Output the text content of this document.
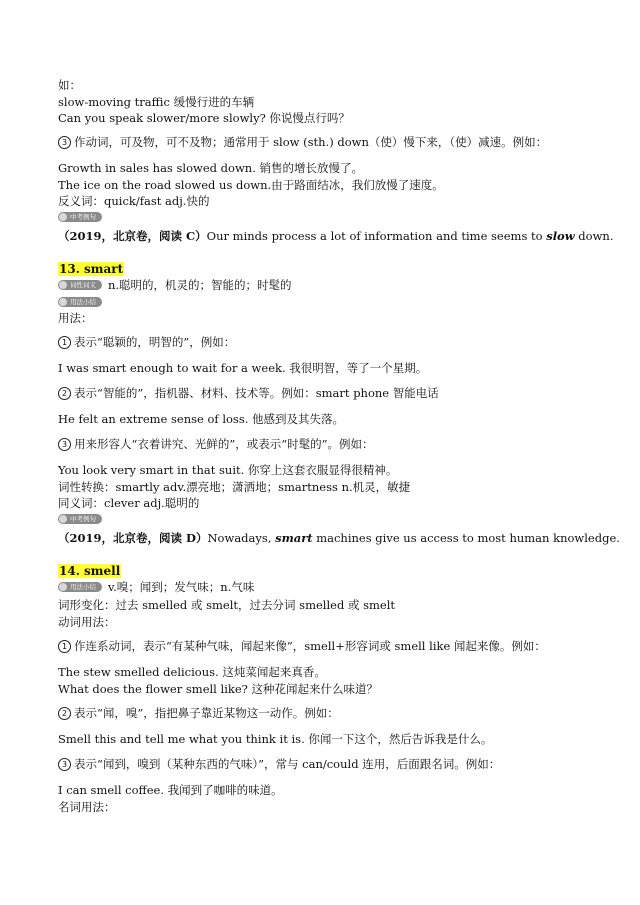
如：
slow-moving traffic 缓慢行进的车辆
Can you speak slower/more slowly? 你说慢点行吗？
3 作动词，可及物，可不及物；通常用于 slow (sth.) down（使）慢下来，（使）减速。例如：
Growth in sales has slowed down. 销售的增长放慢了。
The ice on the road slowed us down.由于路面结冰，我们放慢了速度。
反义词：quick/fast adj.快的
中考例句
（2019，北京卷，阅读 C）Our minds process a lot of information and time seems to slow down.
13. smart
词性词义 n.聪明的，机灵的；智能的；时髦的
用法小结
用法：
1 表示“聪颖的，明智的”，例如：
I was smart enough to wait for a week. 我很明智，等了一个星期。
2 表示“智能的”，指机器、材料、技术等。例如：smart phone 智能电话
He felt an extreme sense of loss. 他感到及其失落。
3 用来形容人“衣着讲究、光鲜的”，或表示“时髦的”。例如：
You look very smart in that suit. 你穿上这套衣服显得很精神。
词性转换：smartly adv.漂亮地；潇洒地；smartness n.机灵，敏捷
同义词：clever adj.聪明的
中考例句
（2019，北京卷，阅读 D）Nowadays, smart machines give us access to most human knowledge.
14. smell
用法小结 v.嗅；闻到；发气味；n.气味
词形变化：过去 smelled 或 smelt，过去分词 smelled 或 smelt
动词用法：
1 作连系动词，表示“有某种气味，闻起来像”，smell+形容词或 smell like 闻起来像。例如：
The stew smelled delicious. 这炖菜闻起来真香。
What does the flower smell like? 这种花闻起来什么味道？
2 表示“闻，嗅”，指把鼻子靠近某物这一动作。例如：
Smell this and tell me what you think it is. 你闻一下这个，然后告诉我是什么。
3 表示“闻到，嗅到（某种东西的气味）”，常与 can/could 连用，后面跟名词。例如：
I can smell coffee. 我闻到了咖啡的味道。
名词用法：
